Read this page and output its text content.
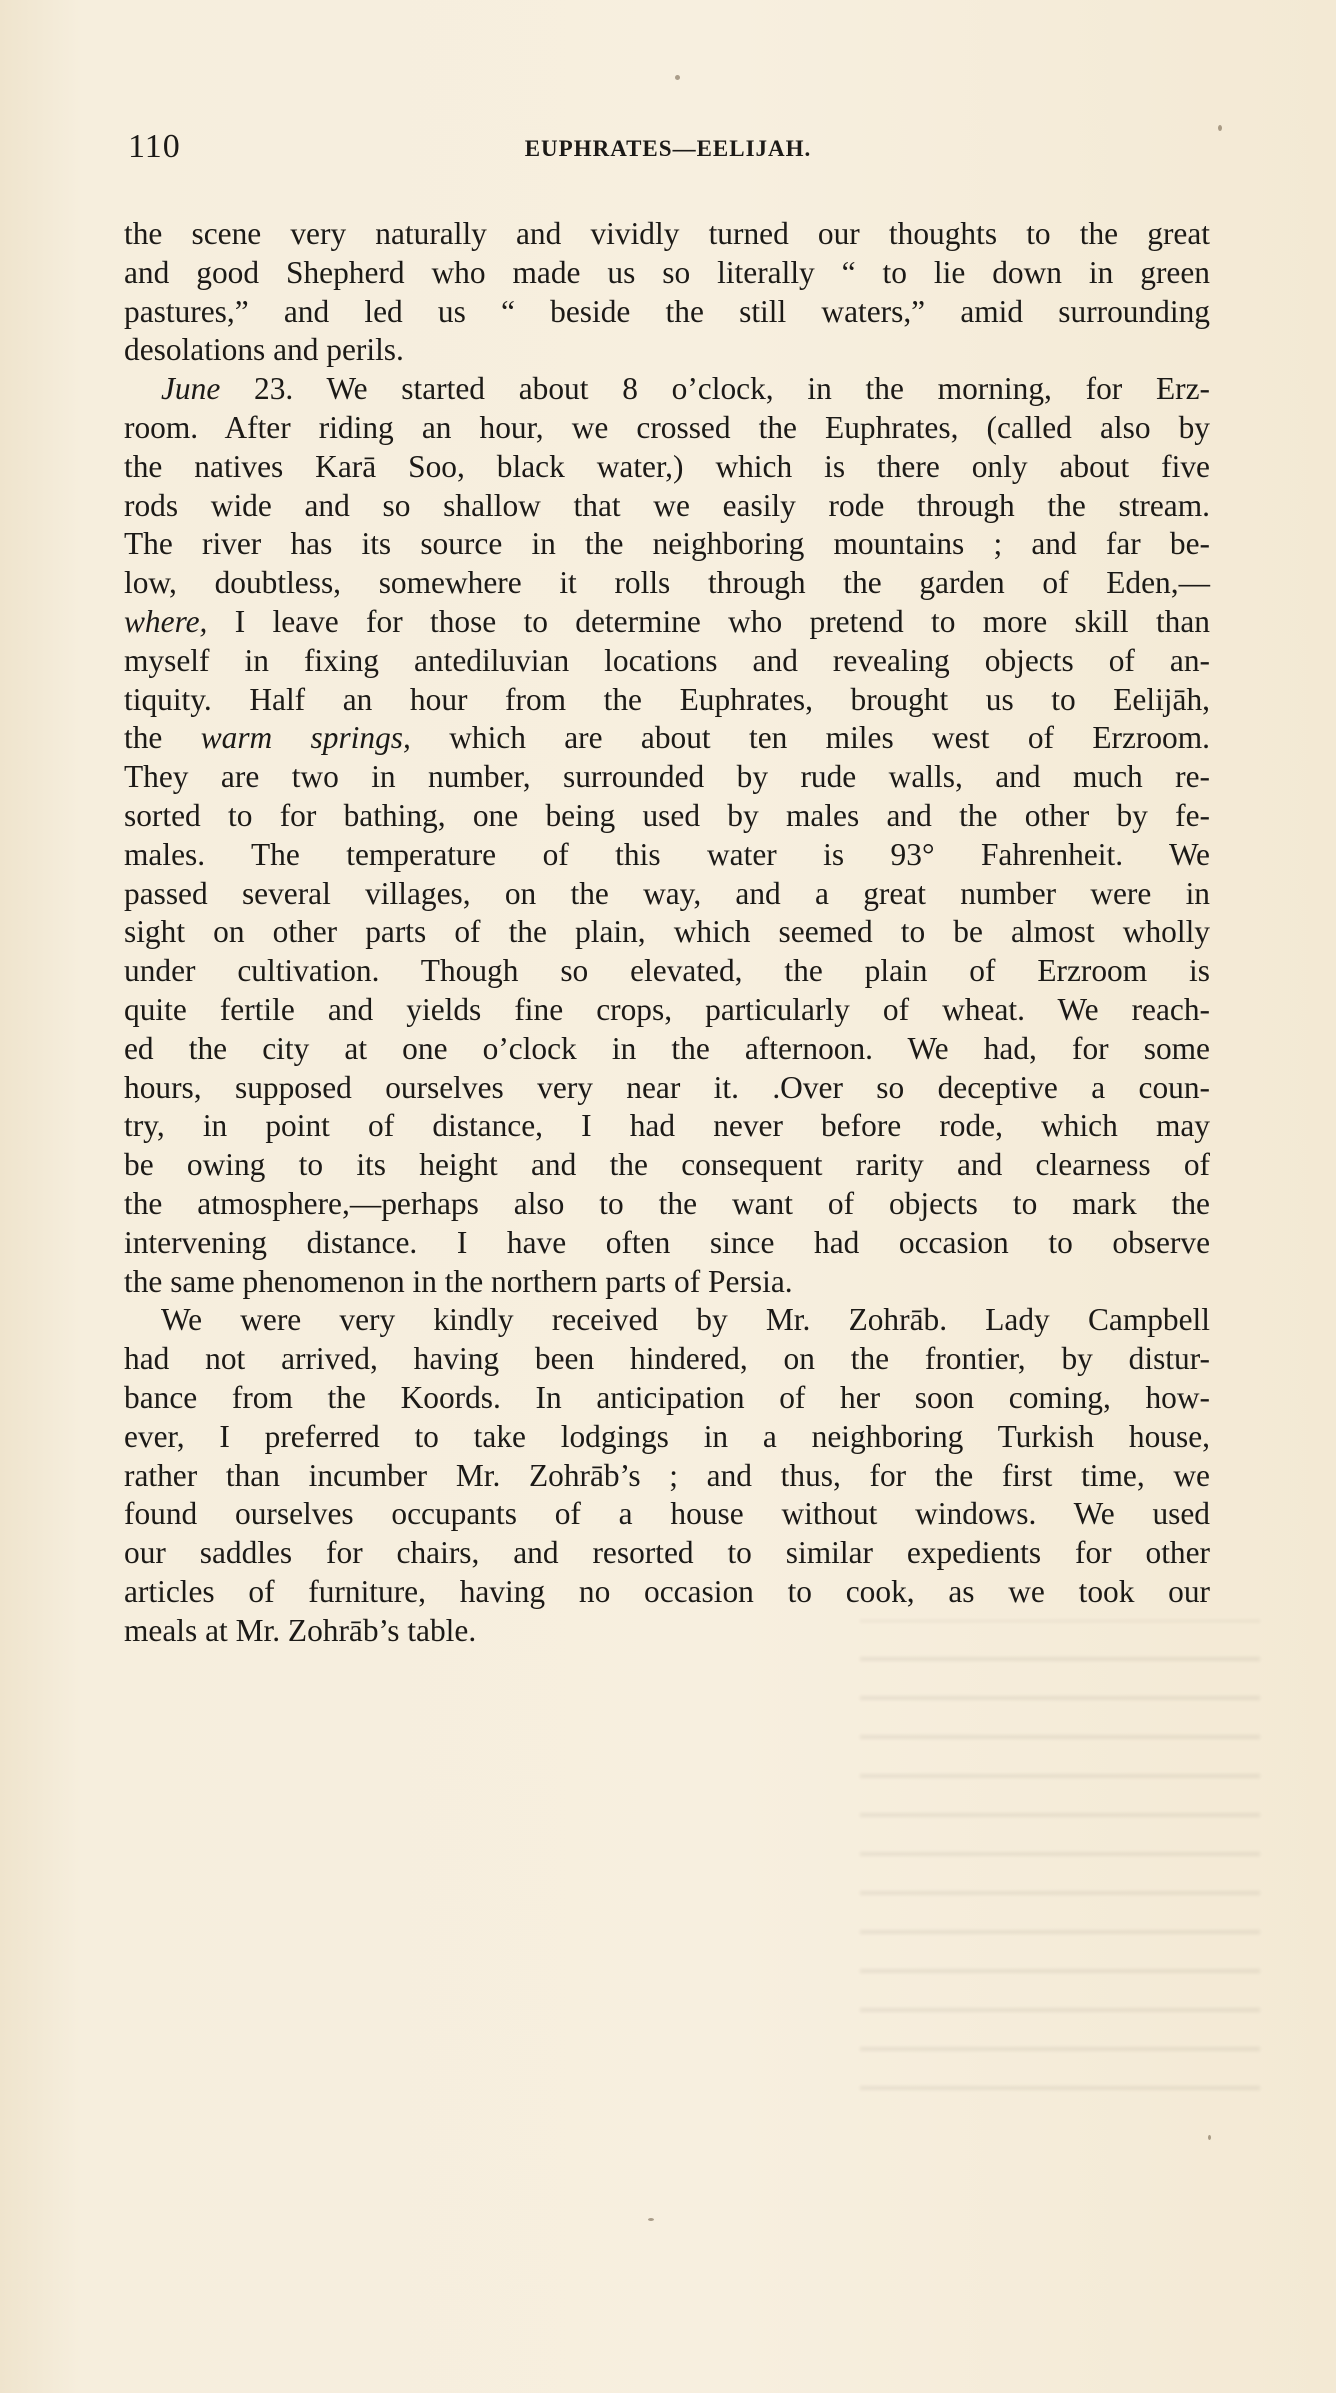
110	EUPHRATES—EELIJAH.
the scene very naturally and vividly turned our thoughts to the great
and good Shepherd who made us so literally “ to lie down in green
pastures,” and led us “ beside the still waters,” amid surrounding
desolations and perils.
June 23. We started about 8 o’clock, in the morning, for Erz-
room. After riding an hour, we crossed the Euphrates, (called also by
the natives Karā Soo, black water,) which is there only about five
rods wide and so shallow that we easily rode through the stream.
The river has its source in the neighboring mountains ; and far be-
low, doubtless, somewhere it rolls through the garden of Eden,—
where, I leave for those to determine who pretend to more skill than
myself in fixing antediluvian locations and revealing objects of an-
tiquity. Half an hour from the Euphrates, brought us to Eelijāh,
the warm springs, which are about ten miles west of Erzroom.
They are two in number, surrounded by rude walls, and much re-
sorted to for bathing, one being used by males and the other by fe-
males. The temperature of this water is 93° Fahrenheit. We
passed several villages, on the way, and a great number were in
sight on other parts of the plain, which seemed to be almost wholly
under cultivation. Though so elevated, the plain of Erzroom is
quite fertile and yields fine crops, particularly of wheat. We reach-
ed the city at one o’clock in the afternoon. We had, for some
hours, supposed ourselves very near it. .Over so deceptive a coun-
try, in point of distance, I had never before rode, which may
be owing to its height and the consequent rarity and clearness of
the atmosphere,—perhaps also to the want of objects to mark the
intervening distance. I have often since had occasion to observe
the same phenomenon in the northern parts of Persia.
We were very kindly received by Mr. Zohrāb. Lady Campbell
had not arrived, having been hindered, on the frontier, by distur-
bance from the Koords. In anticipation of her soon coming, how-
ever, I preferred to take lodgings in a neighboring Turkish house,
rather than incumber Mr. Zohrāb’s ; and thus, for the first time, we
found ourselves occupants of a house without windows. We used
our saddles for chairs, and resorted to similar expedients for other
articles of furniture, having no occasion to cook, as we took our
meals at Mr. Zohrāb’s table.
